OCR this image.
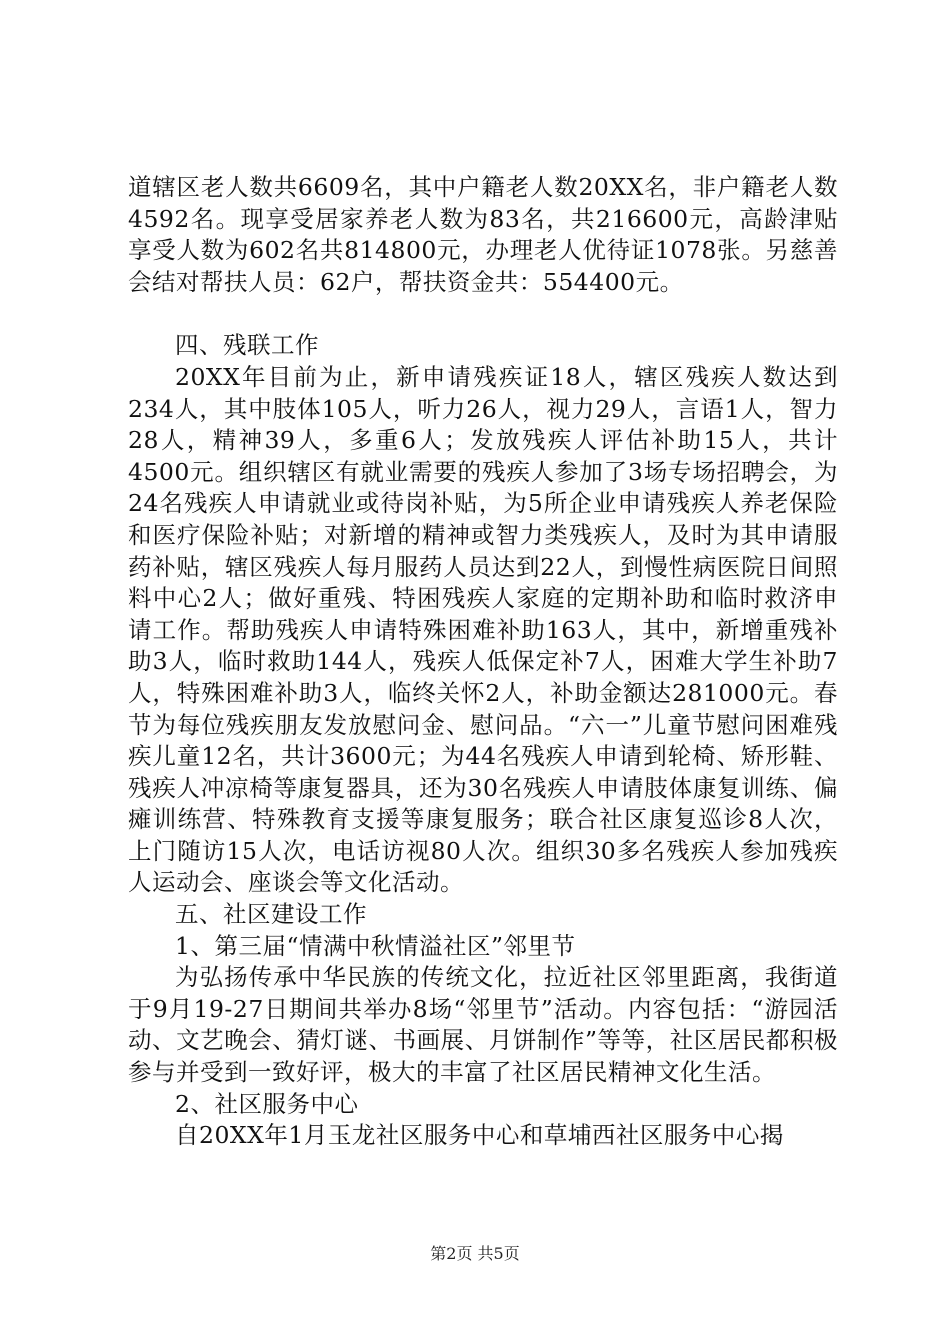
道辖区老人数共6609名，其中户籍老人数20XX名，非户籍老人数4592名。现享受居家养老人数为83名，共216600元，高龄津贴享受人数为602名共814800元，办理老人优待证1078张。另慈善会结对帮扶人员：62户，帮扶资金共：554400元。

四、残联工作

20XX年目前为止，新申请残疾证18人，辖区残疾人数达到234人，其中肢体105人，听力26人，视力29人，言语1人，智力28人，精神39人，多重6人；发放残疾人评估补助15人，共计4500元。组织辖区有就业需要的残疾人参加了3场专场招聘会，为24名残疾人申请就业或待岗补贴，为5所企业申请残疾人养老保险和医疗保险补贴；对新增的精神或智力类残疾人，及时为其申请服药补贴，辖区残疾人每月服药人员达到22人，到慢性病医院日间照料中心2人；做好重残、特困残疾人家庭的定期补助和临时救济申请工作。帮助残疾人申请特殊困难补助163人，其中，新增重残补助3人，临时救助144人，残疾人低保定补7人，困难大学生补助7人，特殊困难补助3人，临终关怀2人，补助金额达281000元。春节为每位残疾朋友发放慰问金、慰问品。“六一”儿童节慰问困难残疾儿童12名，共计3600元；为44名残疾人申请到轮椅、矫形鞋、残疾人冲凉椅等康复器具，还为30名残疾人申请肢体康复训练、偏瘫训练营、特殊教育支援等康复服务；联合社区康复巡诊8人次，上门随访15人次，电话访视80人次。组织30多名残疾人参加残疾人运动会、座谈会等文化活动。

五、社区建设工作

1、第三届“情满中秋情溢社区”邻里节

为弘扬传承中华民族的传统文化，拉近社区邻里距离，我街道于9月19-27日期间共举办8场“邻里节”活动。内容包括：“游园活动、文艺晚会、猜灯谜、书画展、月饼制作”等等，社区居民都积极参与并受到一致好评，极大的丰富了社区居民精神文化生活。

2、社区服务中心

自20XX年1月玉龙社区服务中心和草埔西社区服务中心揭

第2页 共5页
